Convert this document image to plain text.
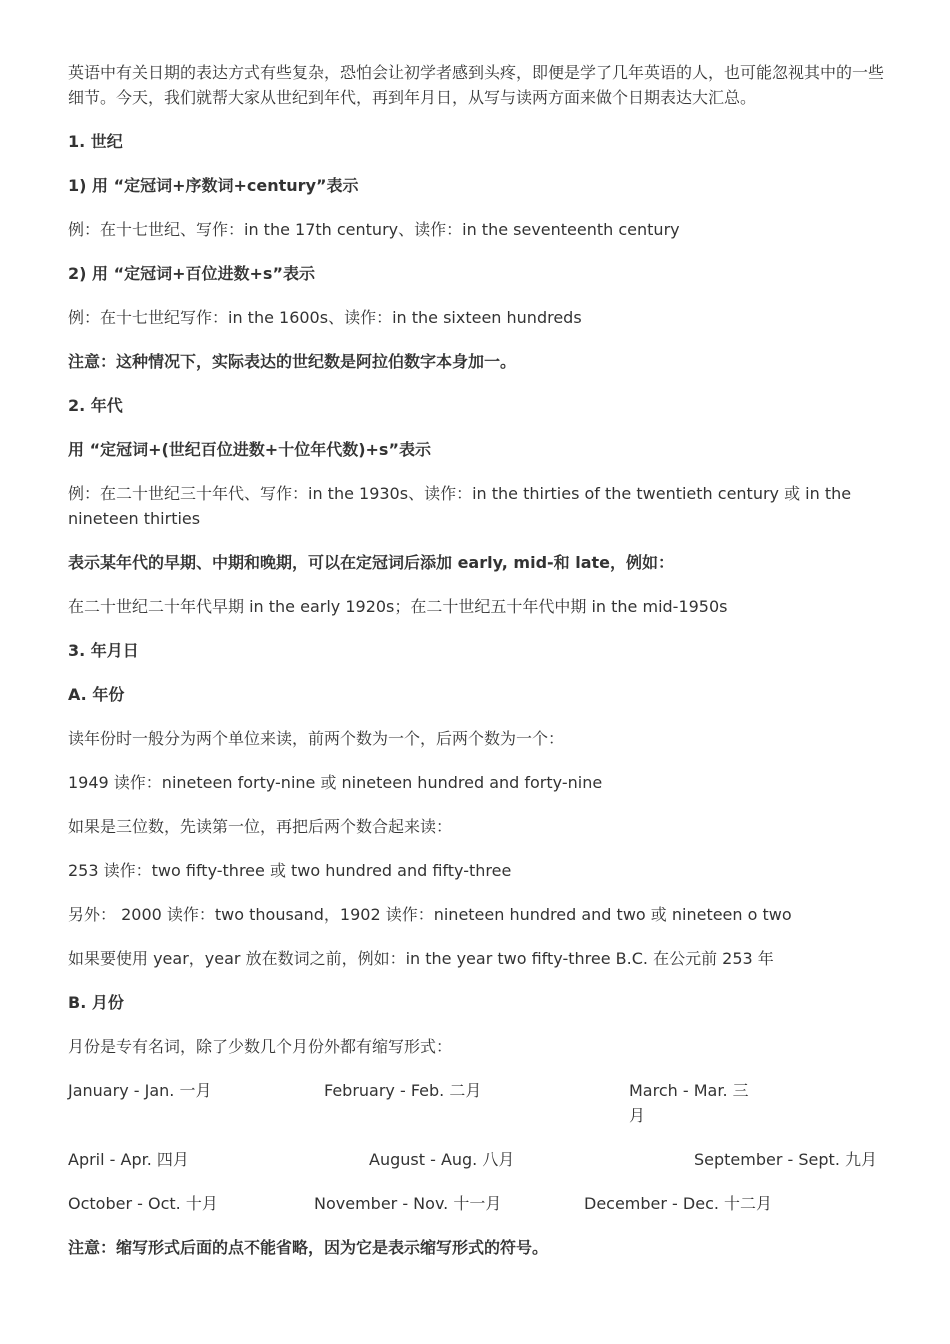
英语中有关日期的表达方式有些复杂，恐怕会让初学者感到头疼，即便是学了几年英语的人，也可能忽视其中的一些细节。今天，我们就帮大家从世纪到年代，再到年月日，从写与读两方面来做个日期表达大汇总。
1. 世纪
1) 用 “定冠词+序数词+century”表示
例：在十七世纪、写作：in the 17th century、读作：in the seventeenth century
2) 用 “定冠词+百位进数+s”表示
例：在十七世纪写作：in the 1600s、读作：in the sixteen hundreds
注意：这种情况下，实际表达的世纪数是阿拉伯数字本身加一。
2. 年代
用 “定冠词+(世纪百位进数+十位年代数)+s”表示
例：在二十世纪三十年代、写作：in the 1930s、读作：in the thirties of the twentieth century 或 in the nineteen thirties
表示某年代的早期、中期和晚期，可以在定冠词后添加 early, mid-和 late，例如：
在二十世纪二十年代早期 in the early 1920s；在二十世纪五十年代中期 in the mid-1950s
3. 年月日
A. 年份
读年份时一般分为两个单位来读，前两个数为一个，后两个数为一个：
1949 读作：nineteen forty-nine 或 nineteen hundred and forty-nine
如果是三位数，先读第一位，再把后两个数合起来读：
253 读作：two fifty-three 或 two hundred and fifty-three
另外： 2000 读作：two thousand，1902 读作：nineteen hundred and two 或 nineteen o two
如果要使用 year，year 放在数词之前，例如：in the year two fifty-three B.C. 在公元前 253 年
B. 月份
月份是专有名词，除了少数几个月份外都有缩写形式：
January - Jan. 一月	February - Feb. 二月	March - Mar. 三月
April - Apr. 四月	August - Aug. 八月	September - Sept. 九月
October - Oct. 十月	November - Nov. 十一月	December - Dec. 十二月
注意：缩写形式后面的点不能省略，因为它是表示缩写形式的符号。
